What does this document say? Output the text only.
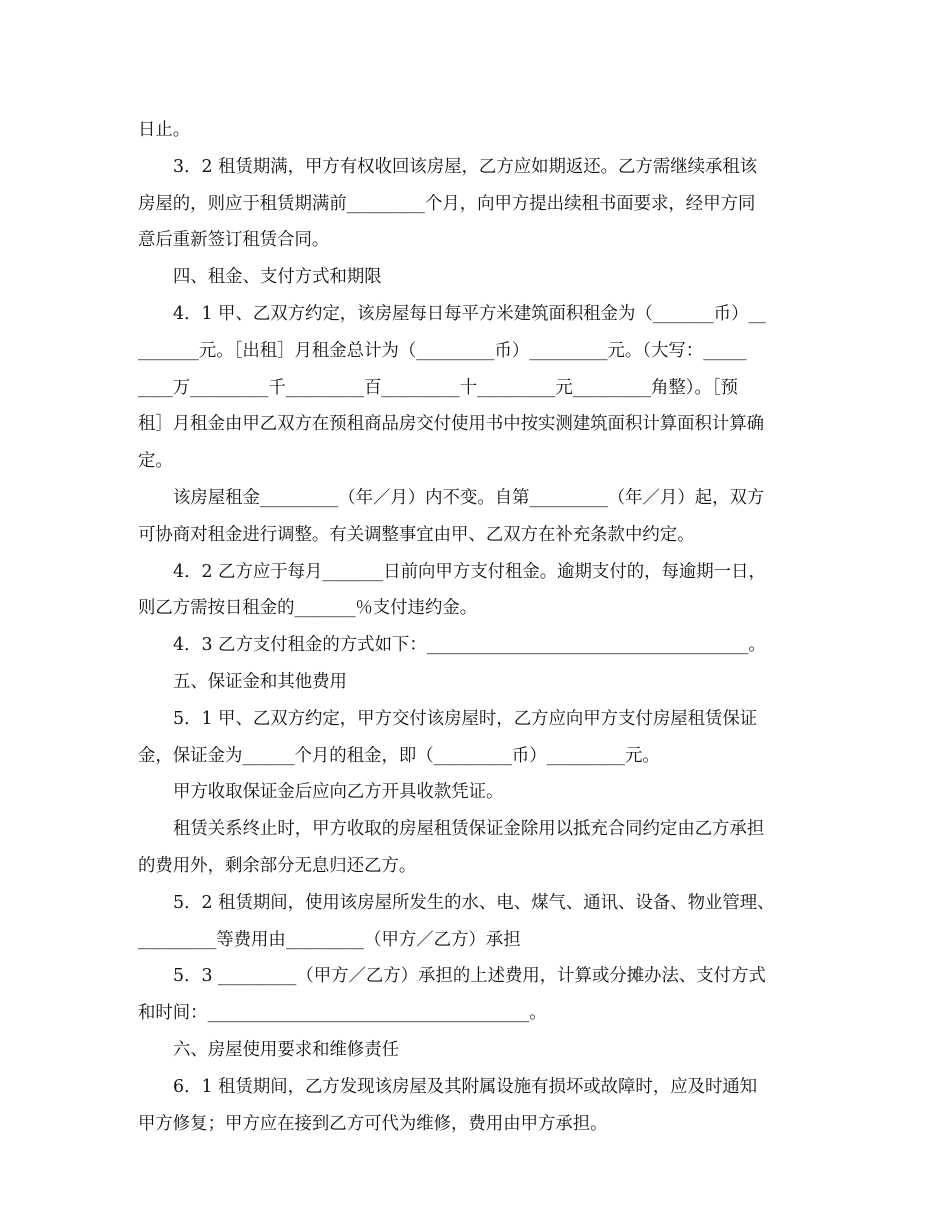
日止。
3．2 租赁期满，甲方有权收回该房屋，乙方应如期返还。乙方需继续承租该
房屋的，则应于租赁期满前_________个月，向甲方提出续租书面要求，经甲方同
意后重新签订租赁合同。
四、租金、支付方式和期限
4．1 甲、乙双方约定，该房屋每日每平方米建筑面积租金为（_______币）__
_______元。［出租］月租金总计为（_________币）_________元。（大写：_____
____万_________千_________百_________十_________元_________角整）。［预
租］月租金由甲乙双方在预租商品房交付使用书中按实测建筑面积计算面积计算确
定。
该房屋租金_________（年／月）内不变。自第_________（年／月）起，双方
可协商对租金进行调整。有关调整事宜由甲、乙双方在补充条款中约定。
4．2 乙方应于每月_______日前向甲方支付租金。逾期支付的，每逾期一日，
则乙方需按日租金的_______％支付违约金。
4．3 乙方支付租金的方式如下：_____________________________________。
五、保证金和其他费用
5．1 甲、乙双方约定，甲方交付该房屋时，乙方应向甲方支付房屋租赁保证
金，保证金为______个月的租金，即（_________币）_________元。
甲方收取保证金后应向乙方开具收款凭证。
租赁关系终止时，甲方收取的房屋租赁保证金除用以抵充合同约定由乙方承担
的费用外，剩余部分无息归还乙方。
5．2 租赁期间，使用该房屋所发生的水、电、煤气、通讯、设备、物业管理、
_________等费用由_________（甲方／乙方）承担
5．3 _________（甲方／乙方）承担的上述费用，计算或分摊办法、支付方式
和时间：_____________________________________。
六、房屋使用要求和维修责任
6．1 租赁期间，乙方发现该房屋及其附属设施有损坏或故障时，应及时通知
甲方修复；甲方应在接到乙方可代为维修，费用由甲方承担。
